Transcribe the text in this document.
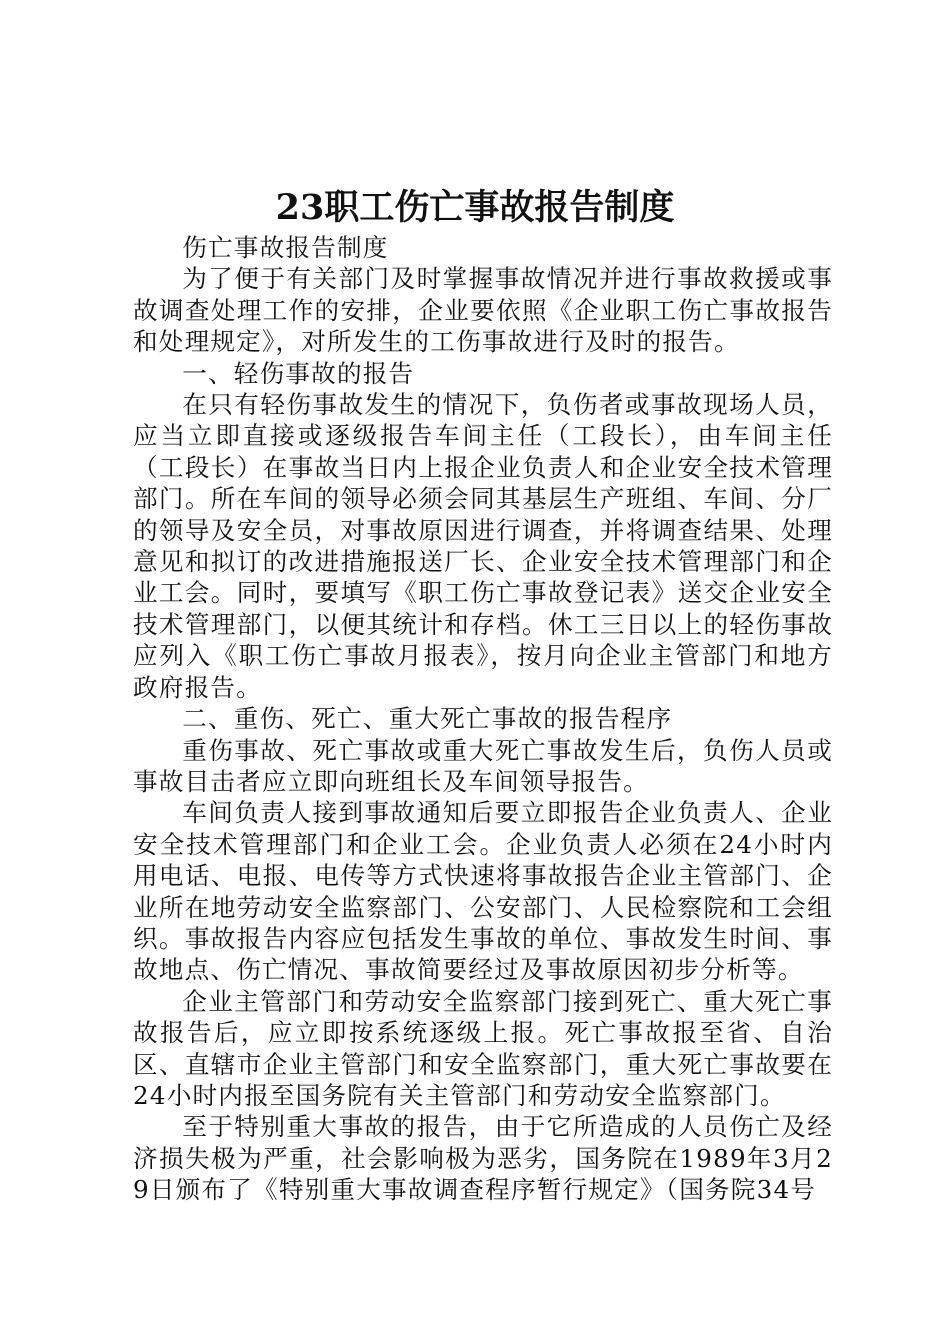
23职工伤亡事故报告制度

伤亡事故报告制度

为了便于有关部门及时掌握事故情况并进行事故救援或事故调查处理工作的安排，企业要依照《企业职工伤亡事故报告和处理规定》，对所发生的工伤事故进行及时的报告。

一、轻伤事故的报告

在只有轻伤事故发生的情况下，负伤者或事故现场人员，应当立即直接或逐级报告车间主任（工段长），由车间主任（工段长）在事故当日内上报企业负责人和企业安全技术管理部门。所在车间的领导必须会同其基层生产班组、车间、分厂的领导及安全员，对事故原因进行调查，并将调查结果、处理意见和拟订的改进措施报送厂长、企业安全技术管理部门和企业工会。同时，要填写《职工伤亡事故登记表》送交企业安全技术管理部门，以便其统计和存档。休工三日以上的轻伤事故应列入《职工伤亡事故月报表》，按月向企业主管部门和地方政府报告。

二、重伤、死亡、重大死亡事故的报告程序

重伤事故、死亡事故或重大死亡事故发生后，负伤人员或事故目击者应立即向班组长及车间领导报告。

车间负责人接到事故通知后要立即报告企业负责人、企业安全技术管理部门和企业工会。企业负责人必须在24小时内用电话、电报、电传等方式快速将事故报告企业主管部门、企业所在地劳动安全监察部门、公安部门、人民检察院和工会组织。事故报告内容应包括发生事故的单位、事故发生时间、事故地点、伤亡情况、事故简要经过及事故原因初步分析等。

企业主管部门和劳动安全监察部门接到死亡、重大死亡事故报告后，应立即按系统逐级上报。死亡事故报至省、自治区、直辖市企业主管部门和安全监察部门，重大死亡事故要在24小时内报至国务院有关主管部门和劳动安全监察部门。

至于特别重大事故的报告，由于它所造成的人员伤亡及经济损失极为严重，社会影响极为恶劣，国务院在1989年3月29日颁布了《特别重大事故调查程序暂行规定》（国务院34号
